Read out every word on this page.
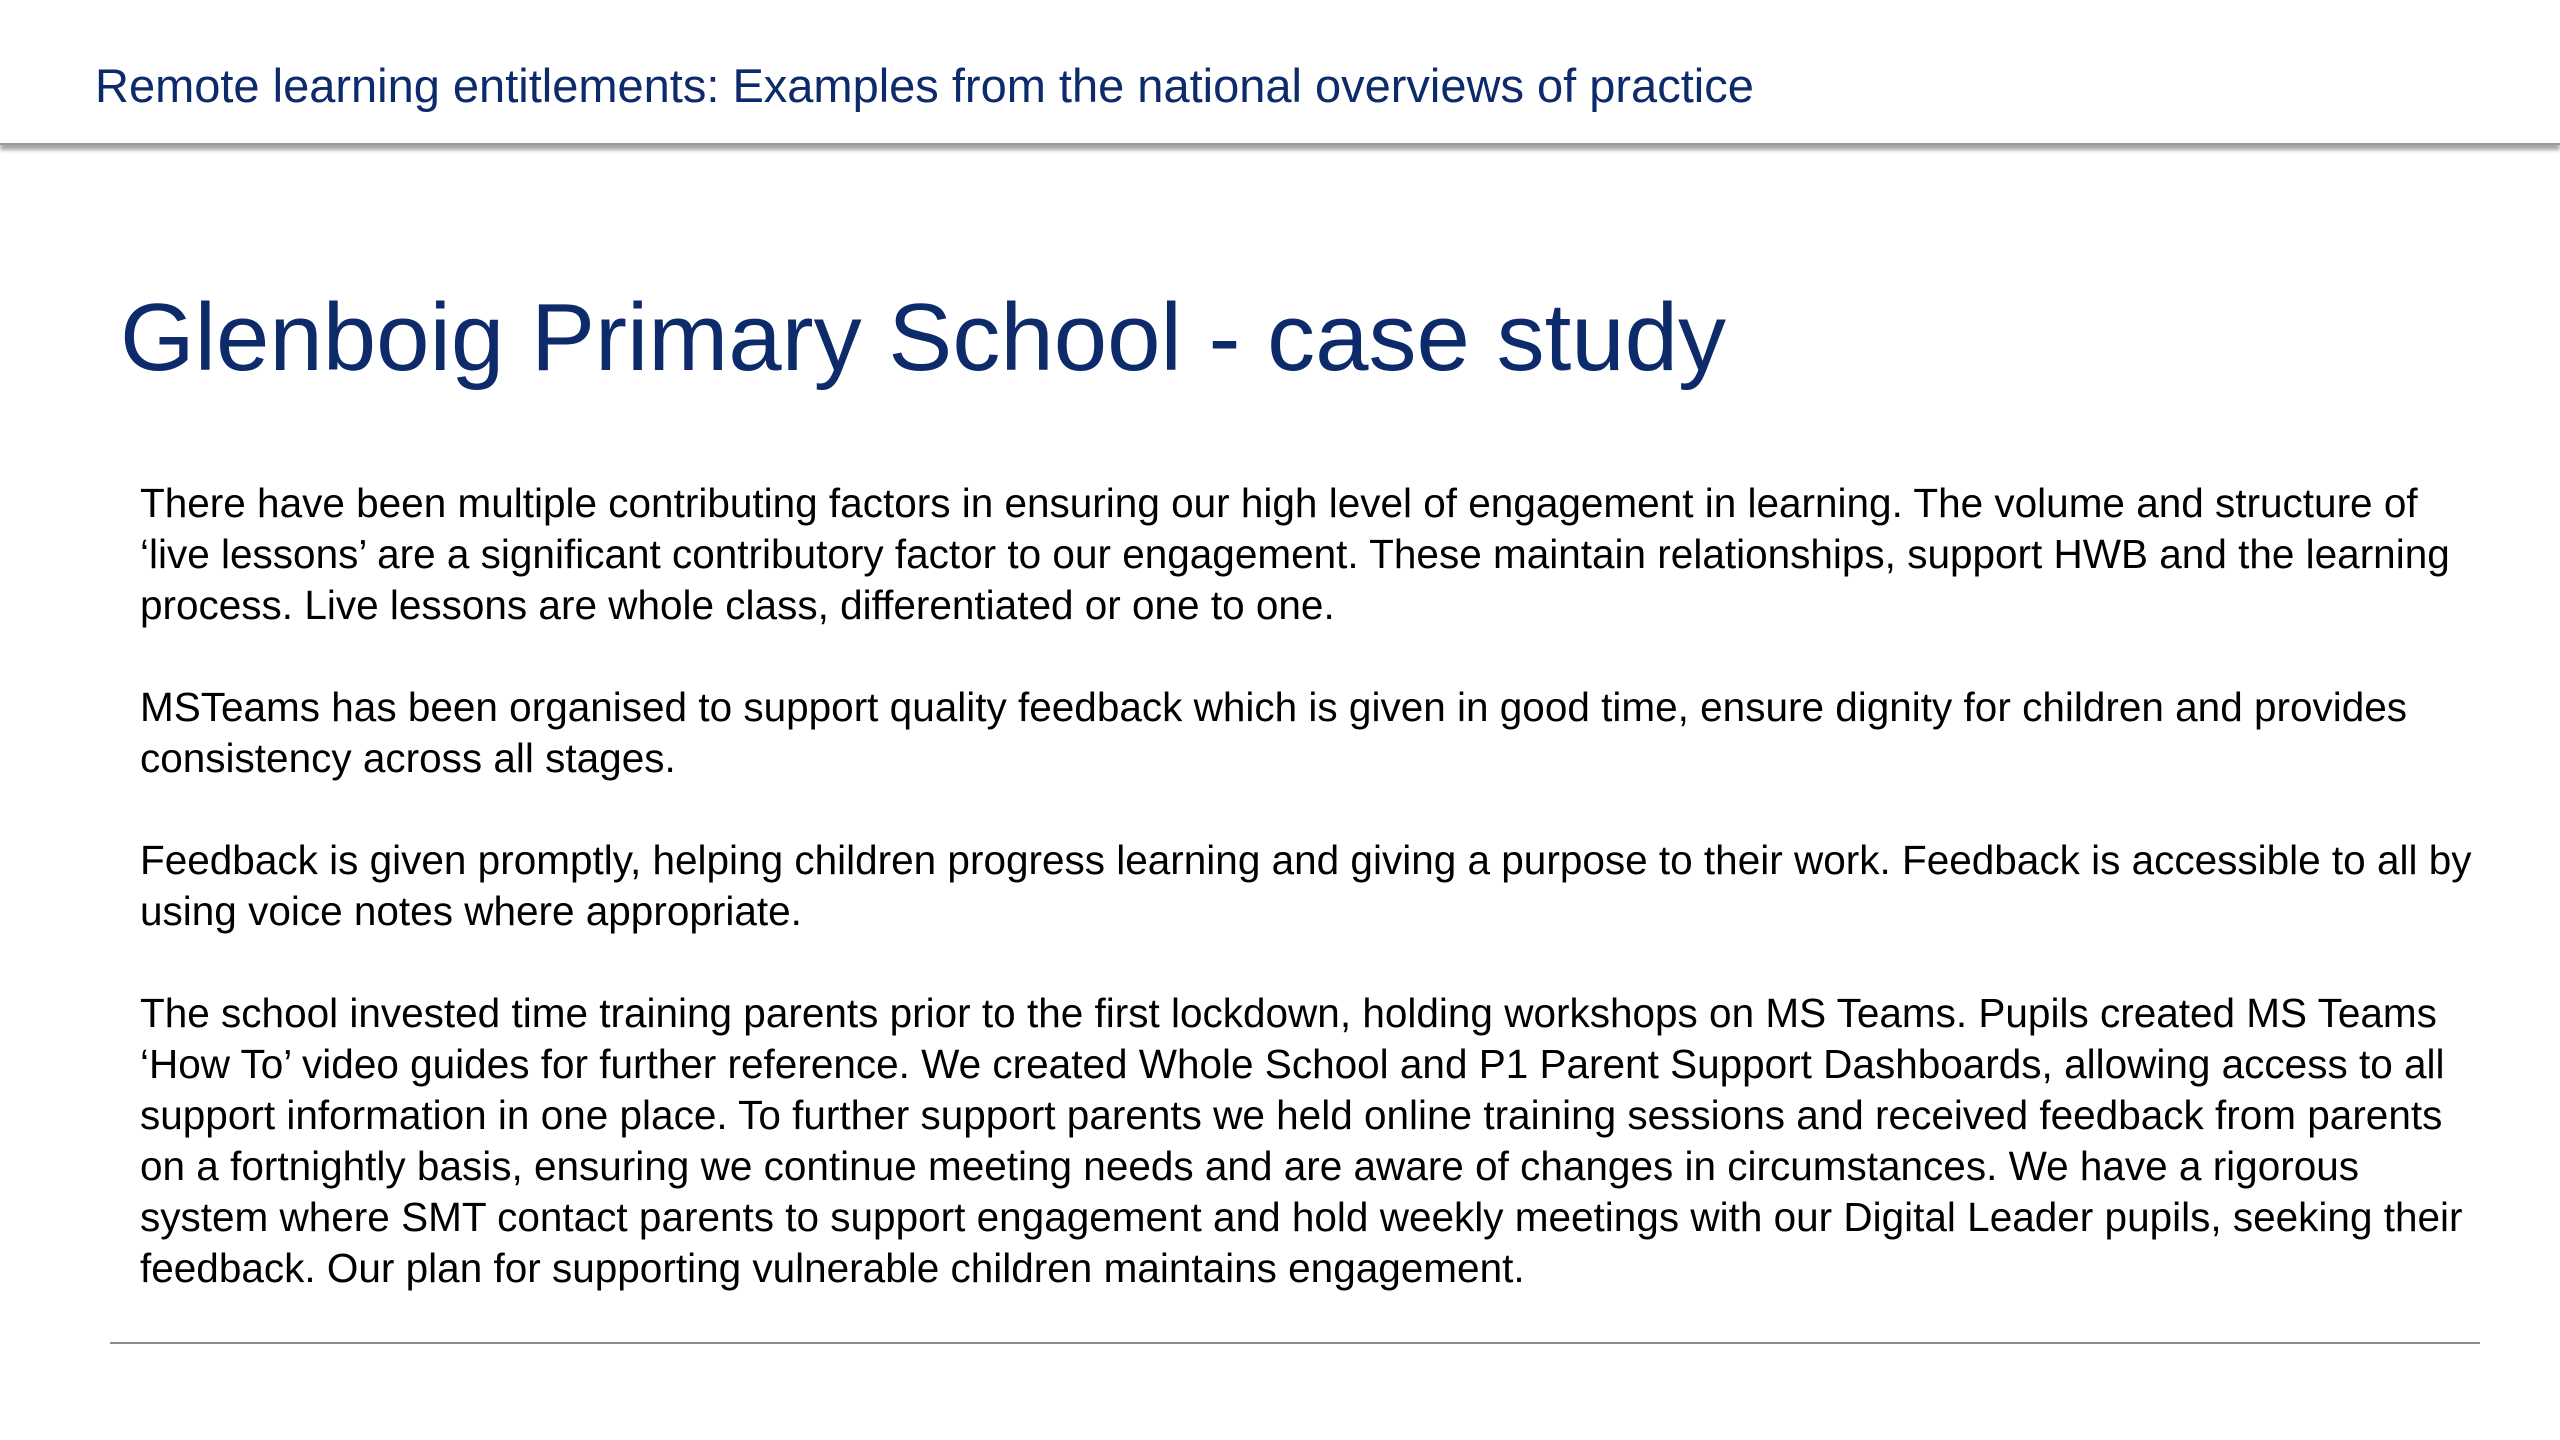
Remote learning entitlements: Examples from the national overviews of practice
Glenboig Primary School - case study

There have been multiple contributing factors in ensuring our high level of engagement in learning. The volume and structure of ‘live lessons’ are a significant contributory factor to our engagement. These maintain relationships, support HWB and the learning process. Live lessons are whole class, differentiated or one to one.

MSTeams has been organised to support quality feedback which is given in good time, ensure dignity for children and provides consistency across all stages.

Feedback is given promptly, helping children progress learning and giving a purpose to their work. Feedback is accessible to all by using voice notes where appropriate.

The school invested time training parents prior to the first lockdown, holding workshops on MS Teams. Pupils created MS Teams ‘How To’ video guides for further reference. We created Whole School and P1 Parent Support Dashboards, allowing access to all support information in one place. To further support parents we held online training sessions and received feedback from parents on a fortnightly basis, ensuring we continue meeting needs and are aware of changes in circumstances. We have a rigorous system where SMT contact parents to support engagement and hold weekly meetings with our Digital Leader pupils, seeking their feedback. Our plan for supporting vulnerable children maintains engagement.
